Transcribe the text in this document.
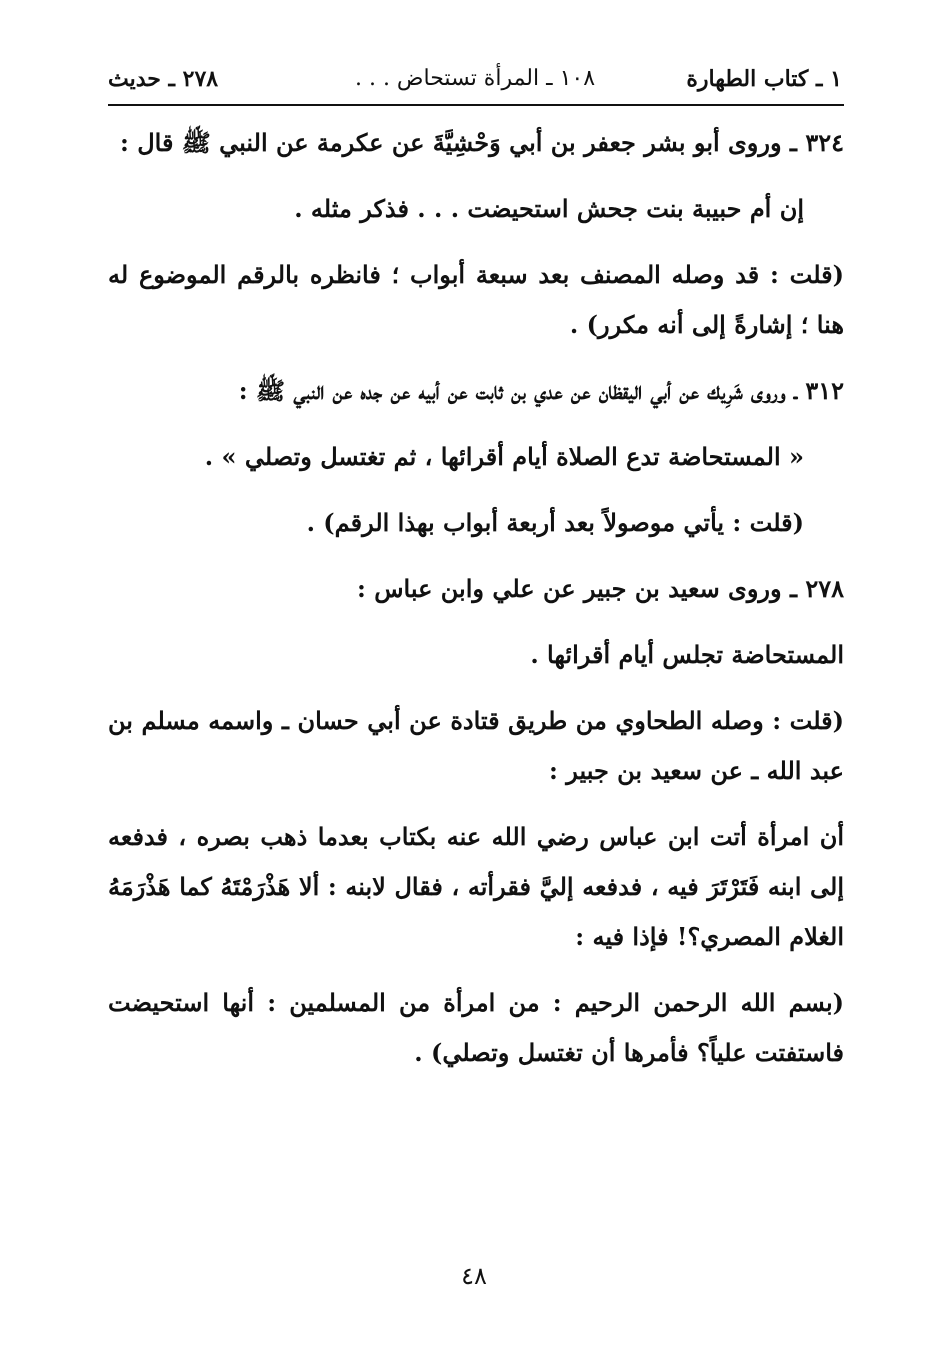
١ ـ كتاب الطهارة
١٠٨ ـ المرأة تستحاض . . .
٢٧٨ ـ حديث

٣٢٤ ـ وروى أبو بشر جعفر بن أبي وَحْشِيَّةَ عن عكرمة عن النبي ﷺ قال :

إن أم حبيبة بنت جحش استحيضت . . . فذكر مثله .

(قلت : قد وصله المصنف بعد سبعة أبواب ؛ فانظره بالرقم الموضوع له هنا ؛ إشارةً إلى أنه مكرر) .

٣١٢ ـ وروى شَرِيك عن أبي اليقظان عن عدي بن ثابت عن أبيه عن جده عن النبي ﷺ :

« المستحاضة تدع الصلاة أيام أقرائها ، ثم تغتسل وتصلي » .

(قلت : يأتي موصولاً بعد أربعة أبواب بهذا الرقم) .

٢٧٨ ـ وروى سعيد بن جبير عن علي وابن عباس :

المستحاضة تجلس أيام أقرائها .

(قلت : وصله الطحاوي من طريق قتادة عن أبي حسان ـ واسمه مسلم بن عبد الله ـ عن سعيد بن جبير :

أن امرأة أتت ابن عباس رضي الله عنه بكتاب بعدما ذهب بصره ، فدفعه إلى ابنه فَتَرْتَرَ فيه ، فدفعه إليَّ فقرأته ، فقال لابنه : ألا هَذْرَمْتَهُ كما هَذْرَمَهُ الغلام المصري؟! فإذا فيه :

(بسم الله الرحمن الرحيم : من امرأة من المسلمين : أنها استحيضت فاستفتت علياً؟ فأمرها أن تغتسل وتصلي) .

٤٨
